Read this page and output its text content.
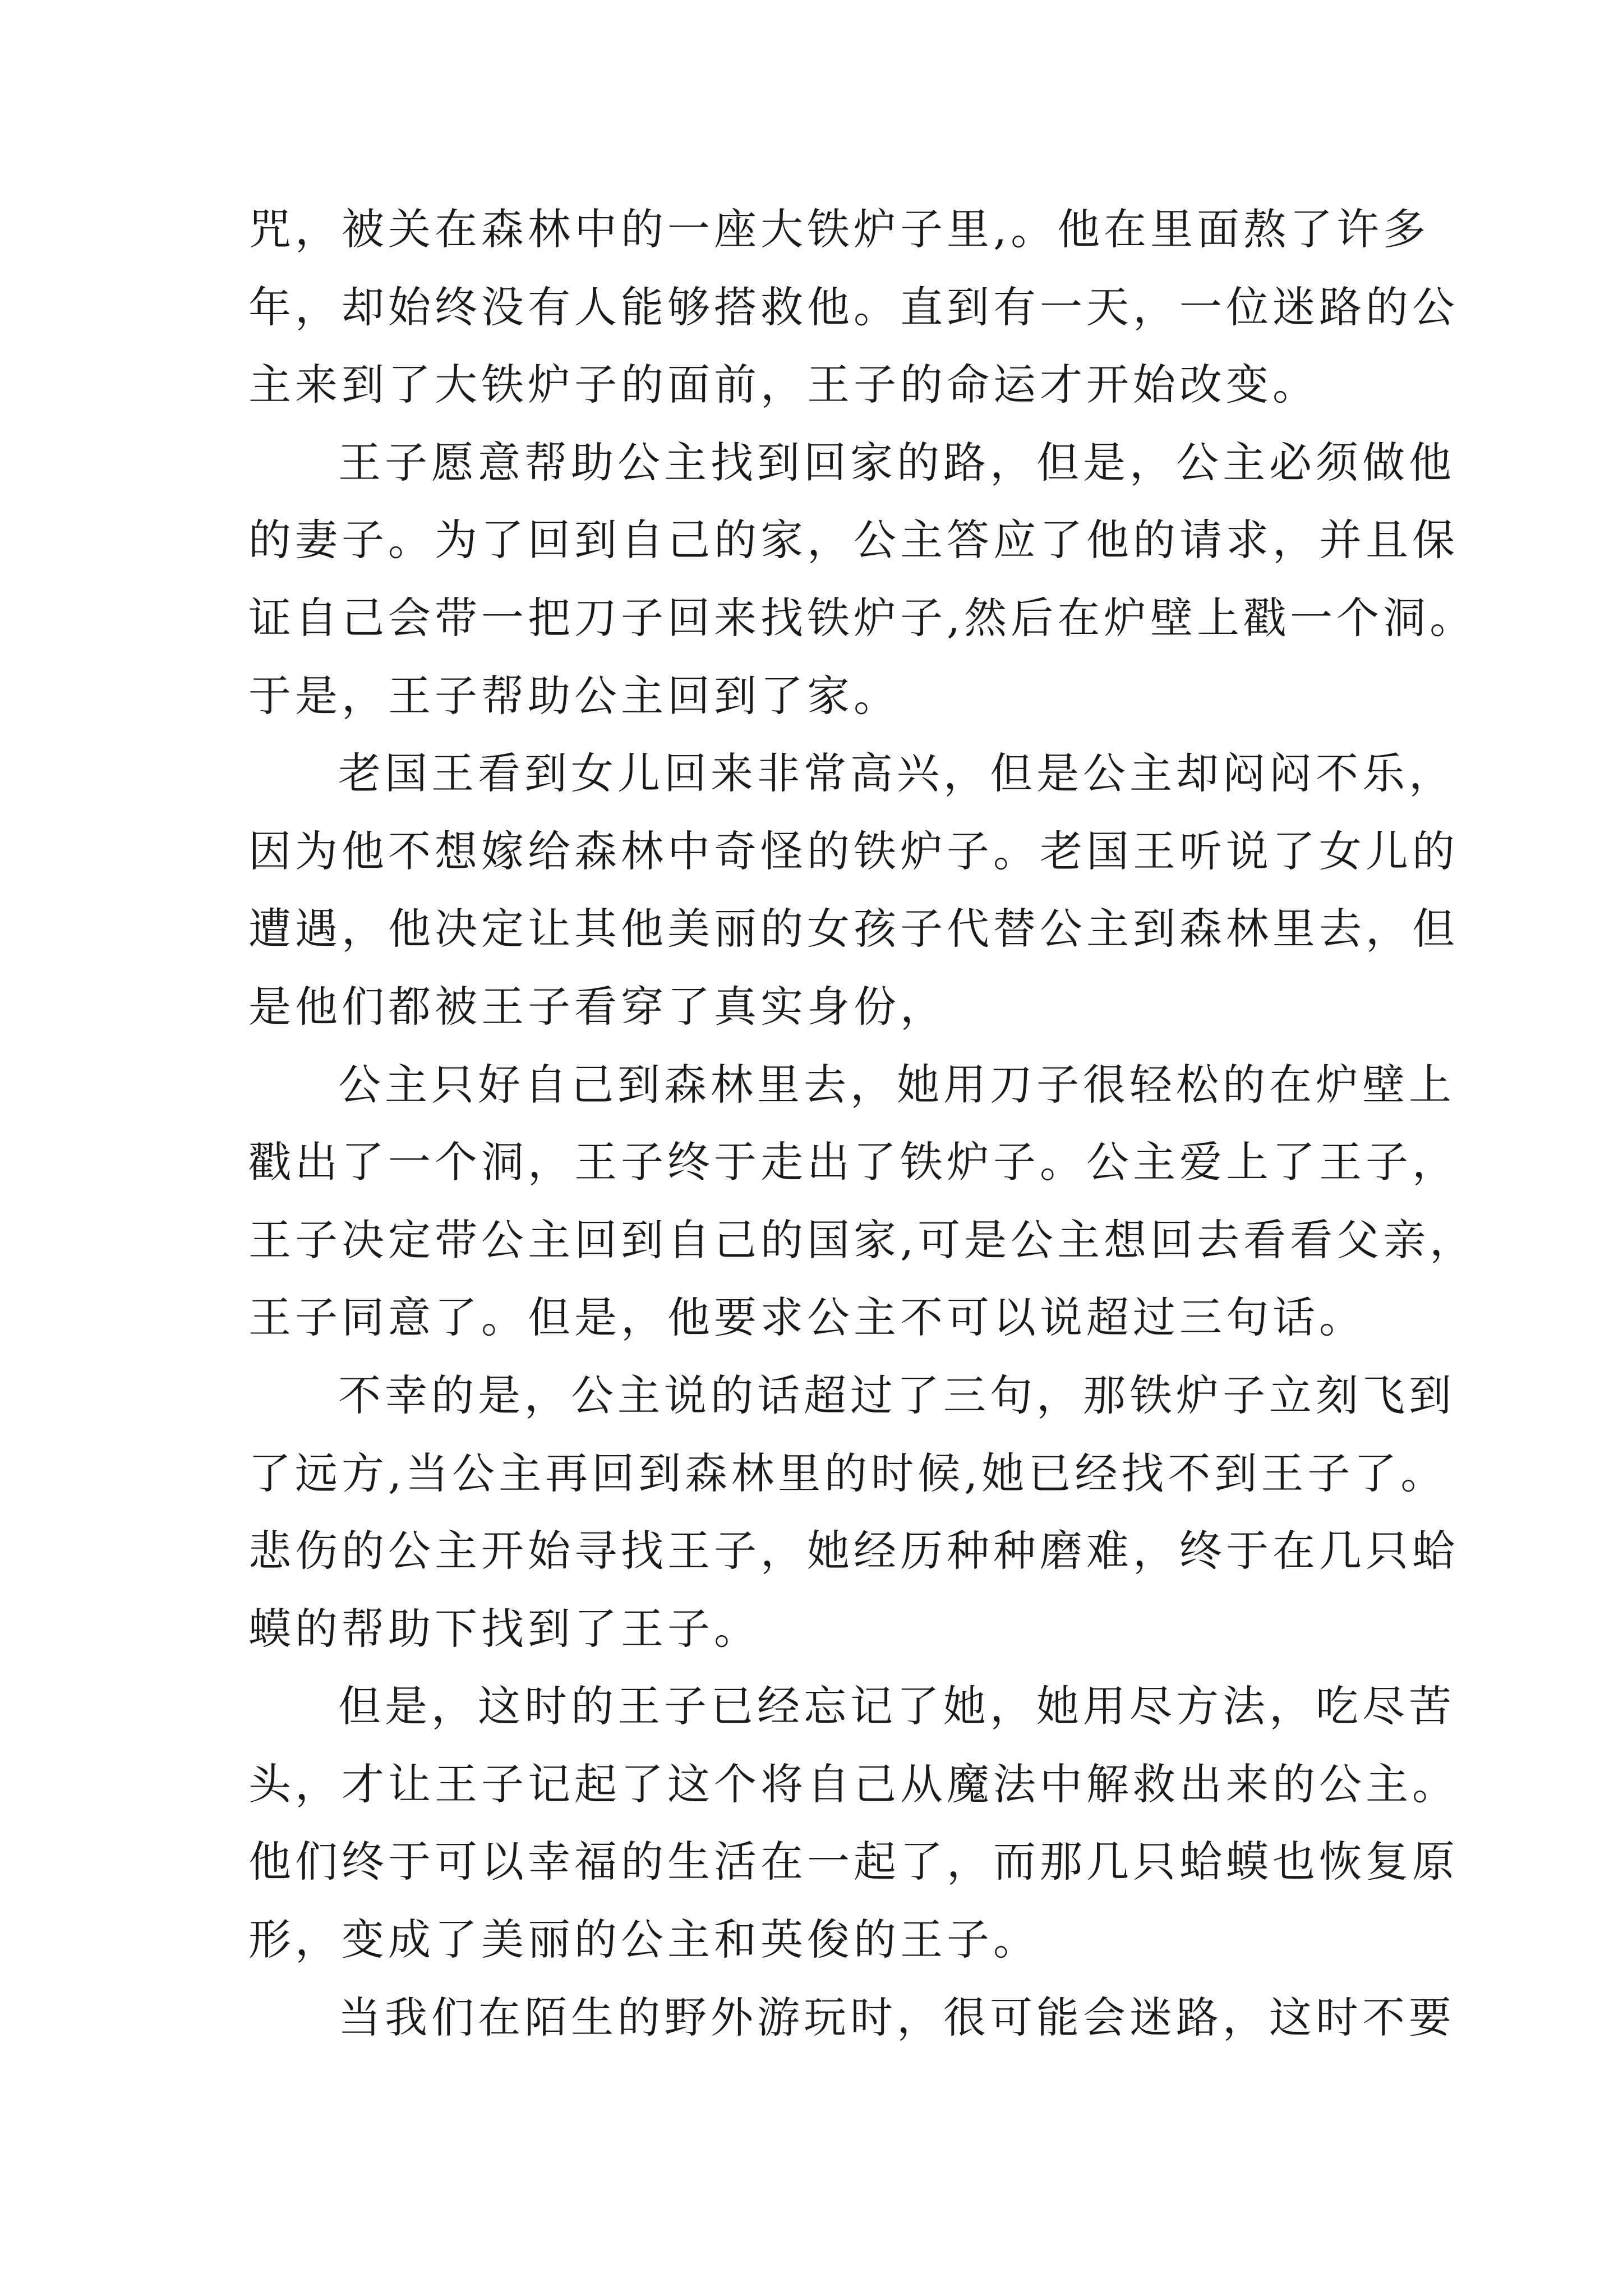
咒，被关在森林中的一座大铁炉子里,。他在里面熬了许多
年，却始终没有人能够搭救他。直到有一天，一位迷路的公
主来到了大铁炉子的面前，王子的命运才开始改变。
王子愿意帮助公主找到回家的路，但是，公主必须做他
的妻子。为了回到自己的家，公主答应了他的请求，并且保
证自己会带一把刀子回来找铁炉子,然后在炉壁上戳一个洞。
于是，王子帮助公主回到了家。
老国王看到女儿回来非常高兴，但是公主却闷闷不乐，
因为他不想嫁给森林中奇怪的铁炉子。老国王听说了女儿的
遭遇，他决定让其他美丽的女孩子代替公主到森林里去，但
是他们都被王子看穿了真实身份，
公主只好自己到森林里去，她用刀子很轻松的在炉壁上
戳出了一个洞，王子终于走出了铁炉子。公主爱上了王子，
王子决定带公主回到自己的国家,可是公主想回去看看父亲，
王子同意了。但是，他要求公主不可以说超过三句话。
不幸的是，公主说的话超过了三句，那铁炉子立刻飞到
了远方,当公主再回到森林里的时候,她已经找不到王子了。
悲伤的公主开始寻找王子，她经历种种磨难，终于在几只蛤
蟆的帮助下找到了王子。
但是，这时的王子已经忘记了她，她用尽方法，吃尽苦
头，才让王子记起了这个将自己从魔法中解救出来的公主。
他们终于可以幸福的生活在一起了，而那几只蛤蟆也恢复原
形，变成了美丽的公主和英俊的王子。
当我们在陌生的野外游玩时，很可能会迷路，这时不要
